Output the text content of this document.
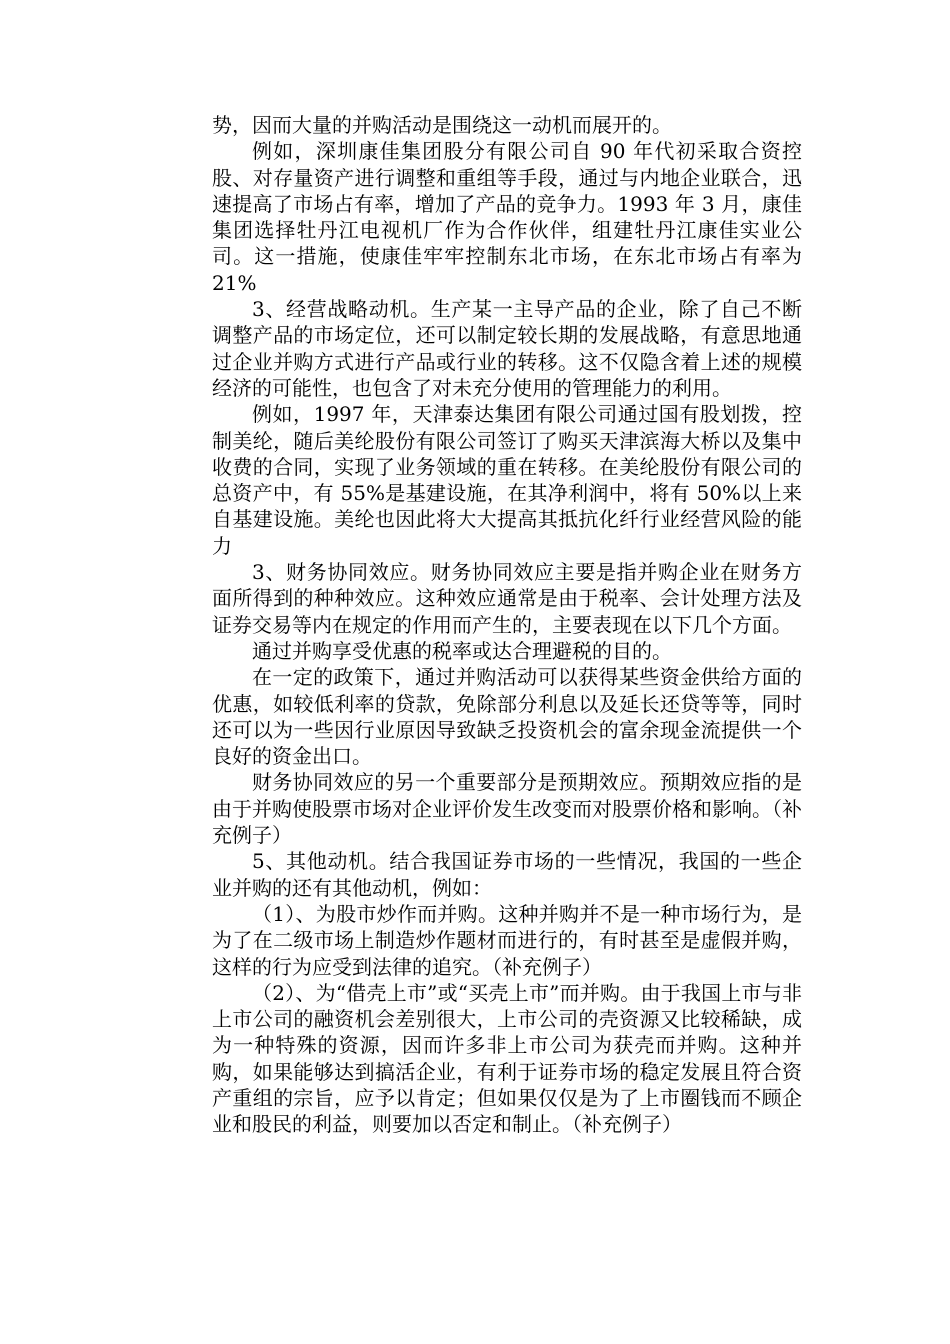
势，因而大量的并购活动是围绕这一动机而展开的。

例如，深圳康佳集团股分有限公司自 90 年代初采取合资控股、对存量资产进行调整和重组等手段，通过与内地企业联合，迅速提高了市场占有率，增加了产品的竞争力。1993 年 3 月，康佳集团选择牡丹江电视机厂作为合作伙伴，组建牡丹江康佳实业公司。这一措施，使康佳牢牢控制东北市场，在东北市场占有率为 21%

3、经营战略动机。生产某一主导产品的企业，除了自己不断调整产品的市场定位，还可以制定较长期的发展战略，有意思地通过企业并购方式进行产品或行业的转移。这不仅隐含着上述的规模经济的可能性，也包含了对未充分使用的管理能力的利用。

例如，1997 年，天津泰达集团有限公司通过国有股划拨，控制美纶，随后美纶股份有限公司签订了购买天津滨海大桥以及集中收费的合同，实现了业务领域的重在转移。在美纶股份有限公司的总资产中，有 55%是基建设施，在其净利润中，将有 50%以上来自基建设施。美纶也因此将大大提高其抵抗化纤行业经营风险的能力

3、财务协同效应。财务协同效应主要是指并购企业在财务方面所得到的种种效应。这种效应通常是由于税率、会计处理方法及证券交易等内在规定的作用而产生的，主要表现在以下几个方面。

通过并购享受优惠的税率或达合理避税的目的。

在一定的政策下，通过并购活动可以获得某些资金供给方面的优惠，如较低利率的贷款，免除部分利息以及延长还贷等等，同时还可以为一些因行业原因导致缺乏投资机会的富余现金流提供一个良好的资金出口。

财务协同效应的另一个重要部分是预期效应。预期效应指的是由于并购使股票市场对企业评价发生改变而对股票价格和影响。（补充例子）

5、其他动机。结合我国证券市场的一些情况，我国的一些企业并购的还有其他动机，例如：

（1）、为股市炒作而并购。这种并购并不是一种市场行为，是为了在二级市场上制造炒作题材而进行的，有时甚至是虚假并购，这样的行为应受到法律的追究。（补充例子）

（2）、为“借壳上市”或“买壳上市”而并购。由于我国上市与非上市公司的融资机会差别很大，上市公司的壳资源又比较稀缺，成为一种特殊的资源，因而许多非上市公司为获壳而并购。这种并购，如果能够达到搞活企业，有利于证券市场的稳定发展且符合资产重组的宗旨，应予以肯定；但如果仅仅是为了上市圈钱而不顾企业和股民的利益，则要加以否定和制止。（补充例子）
